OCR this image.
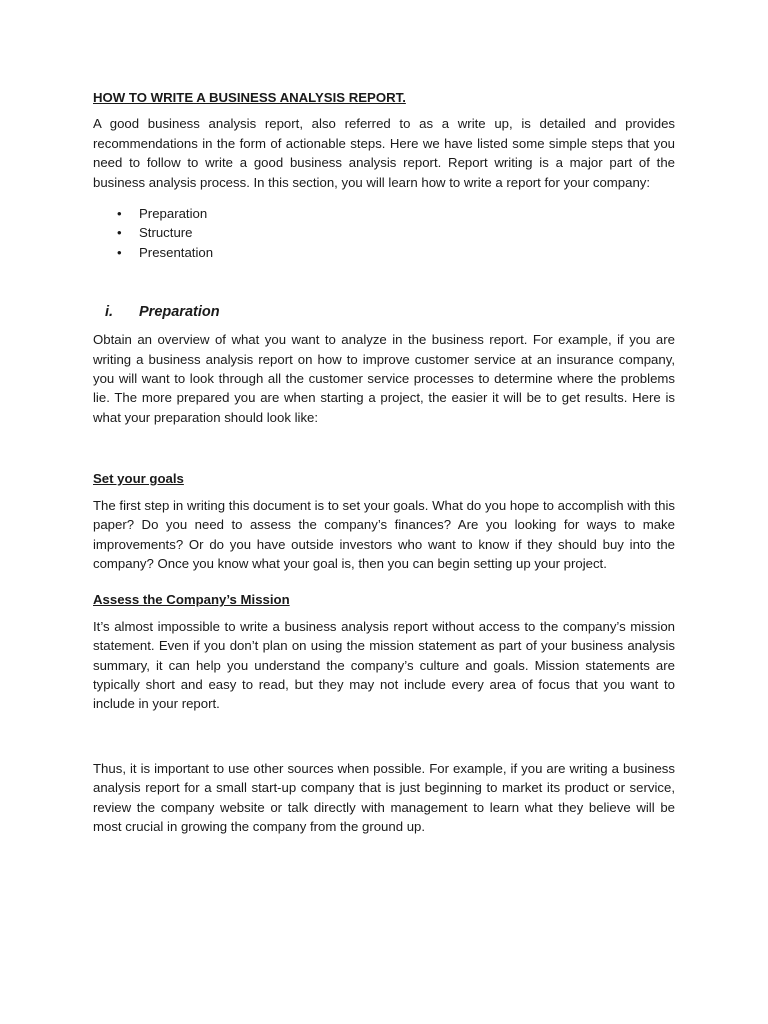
HOW TO WRITE A BUSINESS ANALYSIS REPORT.

A good business analysis report, also referred to as a write up, is detailed and provides recommendations in the form of actionable steps. Here we have listed some simple steps that you need to follow to write a good business analysis report. Report writing is a major part of the business analysis process. In this section, you will learn how to write a report for your company:

• Preparation
• Structure
• Presentation
i.	Preparation

Obtain an overview of what you want to analyze in the business report. For example, if you are writing a business analysis report on how to improve customer service at an insurance company, you will want to look through all the customer service processes to determine where the problems lie. The more prepared you are when starting a project, the easier it will be to get results. Here is what your preparation should look like:

Set your goals

The first step in writing this document is to set your goals. What do you hope to accomplish with this paper? Do you need to assess the company’s finances? Are you looking for ways to make improvements? Or do you have outside investors who want to know if they should buy into the company? Once you know what your goal is, then you can begin setting up your project.

Assess the Company’s Mission

It’s almost impossible to write a business analysis report without access to the company’s mission statement. Even if you don’t plan on using the mission statement as part of your business analysis summary, it can help you understand the company’s culture and goals. Mission statements are typically short and easy to read, but they may not include every area of focus that you want to include in your report.

Thus, it is important to use other sources when possible. For example, if you are writing a business analysis report for a small start-up company that is just beginning to market its product or service, review the company website or talk directly with management to learn what they believe will be most crucial in growing the company from the ground up.
